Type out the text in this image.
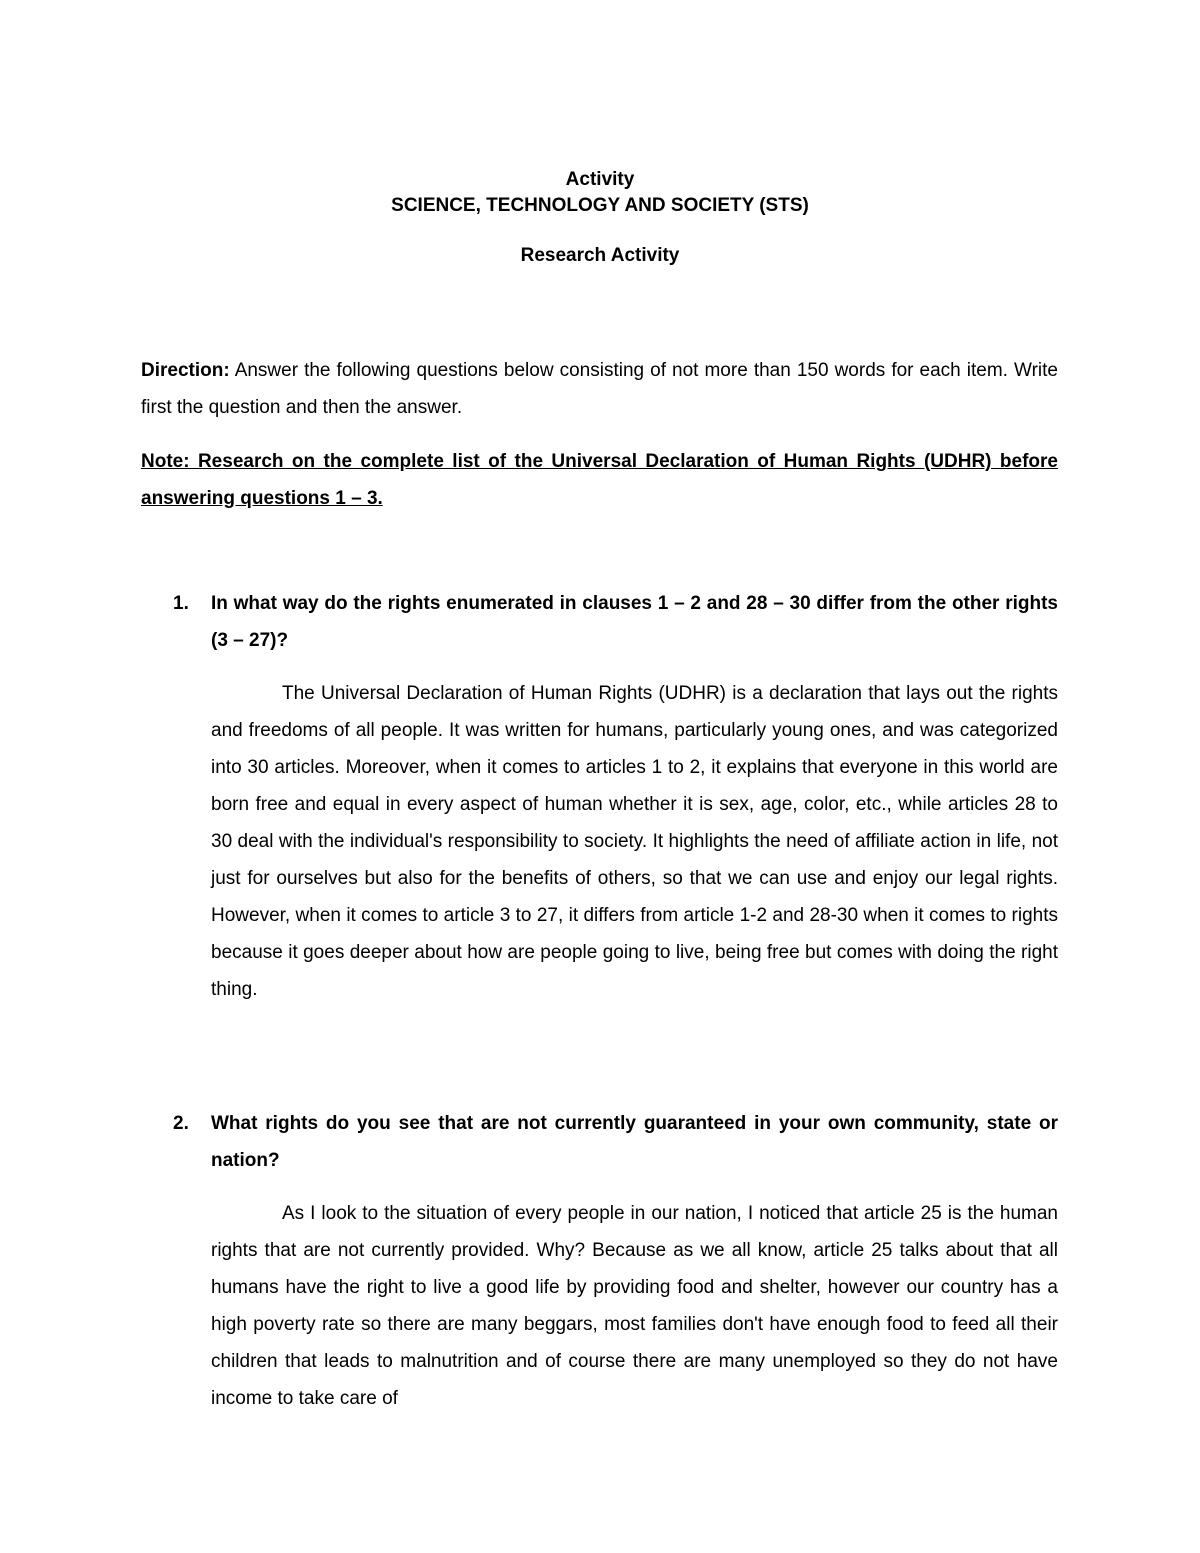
Activity
SCIENCE, TECHNOLOGY AND SOCIETY (STS)
Research Activity
Direction: Answer the following questions below consisting of not more than 150 words for each item. Write first the question and then the answer.
Note: Research on the complete list of the Universal Declaration of Human Rights (UDHR) before answering questions 1 – 3.
1. In what way do the rights enumerated in clauses 1 – 2 and 28 – 30 differ from the other rights (3 – 27)?
The Universal Declaration of Human Rights (UDHR) is a declaration that lays out the rights and freedoms of all people. It was written for humans, particularly young ones, and was categorized into 30 articles. Moreover, when it comes to articles 1 to 2, it explains that everyone in this world are born free and equal in every aspect of human whether it is sex, age, color, etc., while articles 28 to 30 deal with the individual's responsibility to society. It highlights the need of affiliate action in life, not just for ourselves but also for the benefits of others, so that we can use and enjoy our legal rights. However, when it comes to article 3 to 27, it differs from article 1-2 and 28-30 when it comes to rights because it goes deeper about how are people going to live, being free but comes with doing the right thing.
2. What rights do you see that are not currently guaranteed in your own community, state or nation?
As I look to the situation of every people in our nation, I noticed that article 25 is the human rights that are not currently provided. Why? Because as we all know, article 25 talks about that all humans have the right to live a good life by providing food and shelter, however our country has a high poverty rate so there are many beggars, most families don't have enough food to feed all their children that leads to malnutrition and of course there are many unemployed so they do not have income to take care of
